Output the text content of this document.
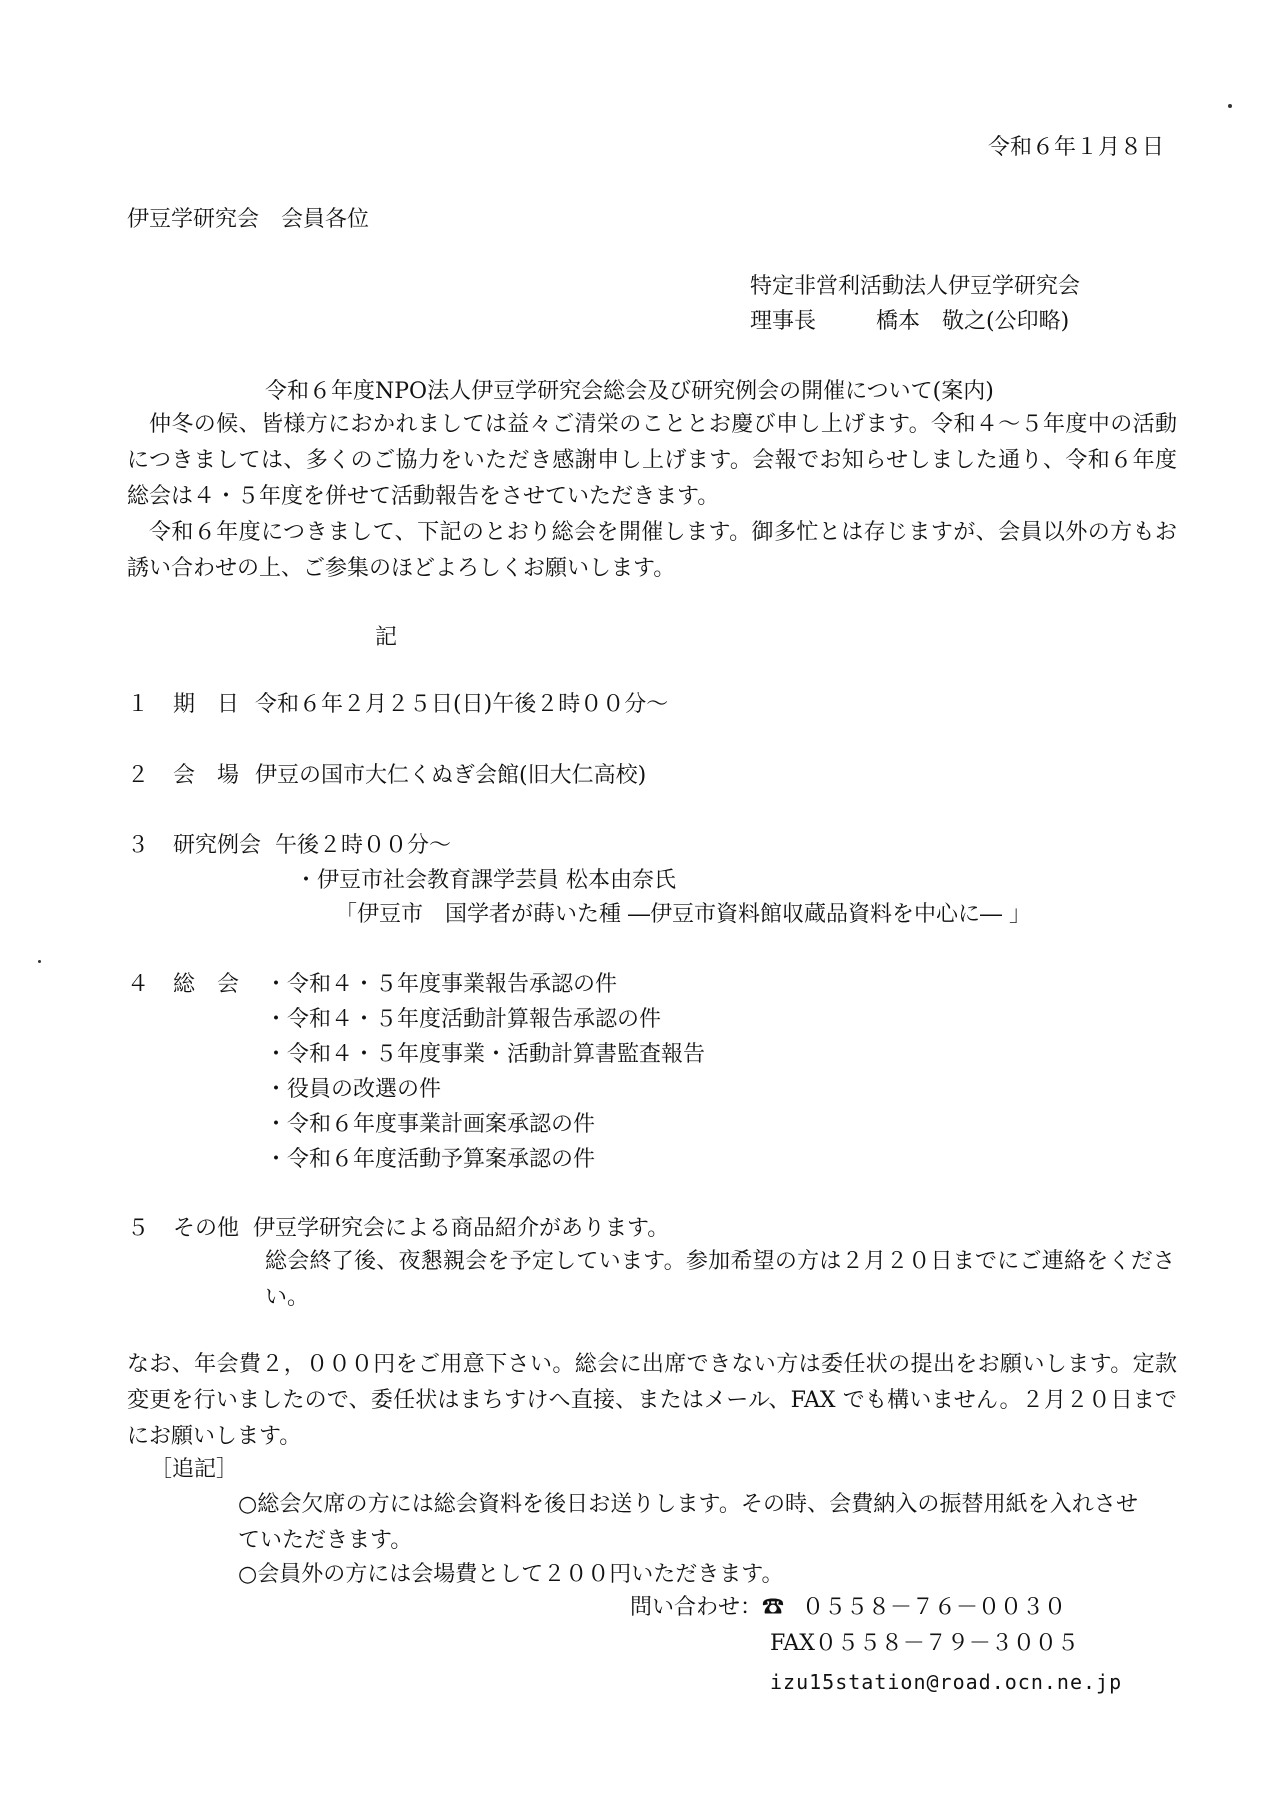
令和６年１月８日
伊豆学研究会　会員各位
特定非営利活動法人伊豆学研究会
理事長	橋本　敬之(公印略)
令和６年度NPO法人伊豆学研究会総会及び研究例会の開催について(案内)

仲冬の候、皆様方におかれましては益々ご清栄のこととお慶び申し上げます。令和４～５年度中の活動につきましては、多くのご協力をいただき感謝申し上げます。会報でお知らせしました通り、令和６年度総会は４・５年度を併せて活動報告をさせていただきます。

令和６年度につきまして、下記のとおり総会を開催します。御多忙とは存じますが、会員以外の方もお誘い合わせの上、ご参集のほどよろしくお願いします。

記
１ 期　日 令和６年２月２５日(日)午後２時００分～
２ 会　場 伊豆の国市大仁くぬぎ会館(旧大仁高校)
３ 研究例会 午後２時００分～
・伊豆市社会教育課学芸員 松本由奈氏
「伊豆市　国学者が蒔いた種 ―伊豆市資料館収蔵品資料を中心に― 」
４ 総　会 ・令和４・５年度事業報告承認の件
・令和４・５年度活動計算報告承認の件
・令和４・５年度事業・活動計算書監査報告
・役員の改選の件
・令和６年度事業計画案承認の件
・令和６年度活動予算案承認の件
５ その他 伊豆学研究会による商品紹介があります。
総会終了後、夜懇親会を予定しています。参加希望の方は２月２０日までにご連絡をください。
なお、年会費２，０００円をご用意下さい。総会に出席できない方は委任状の提出をお願いします。定款変更を行いましたので、委任状はまちすけへ直接、またはメール、FAX でも構いません。２月２０日までにお願いします。
［追記］
○総会欠席の方には総会資料を後日お送りします。その時、会費納入の振替用紙を入れさせていただきます。
○会員外の方には会場費として２００円いただきます。
問い合わせ：☎ ０５５８－７６－００３０
FAX０５５８－７９－３００５
izu15station@road.ocn.ne.jp
